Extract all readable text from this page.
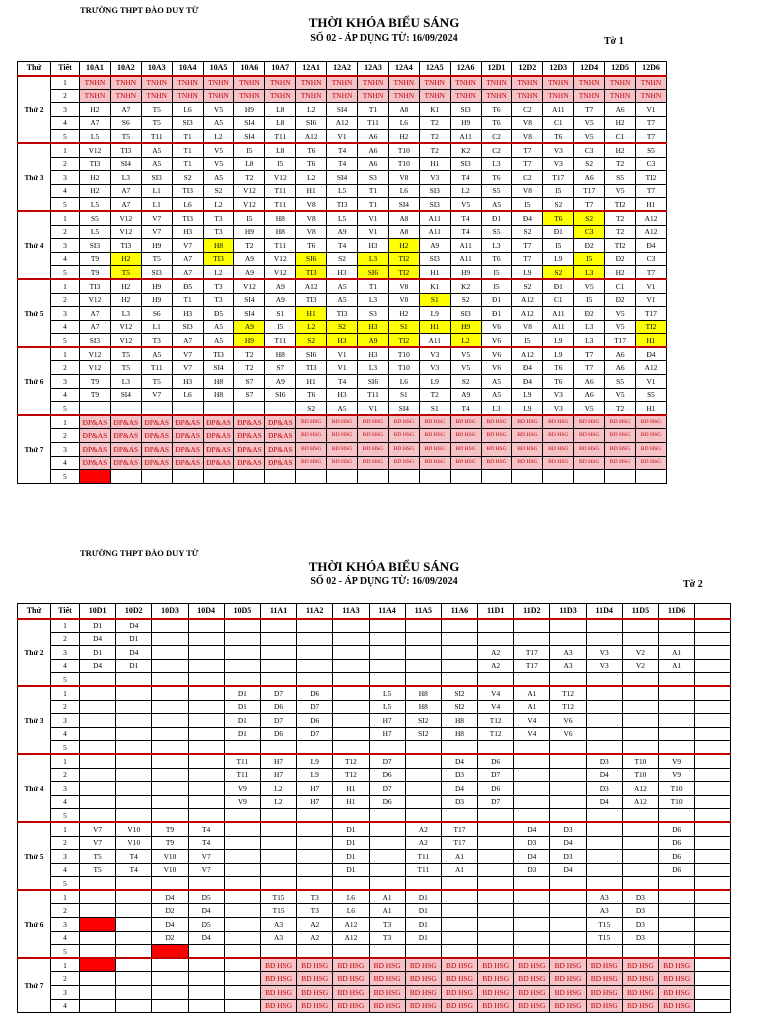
TRƯỜNG THPT ĐÀO DUY TỪ
THỜI KHÓA BIỂU SÁNG
SỐ 02 - ÁP DỤNG TỪ: 16/09/2024	Tờ 1
Thứ	Tiết	10A1	10A2	10A3	10A4	10A5	10A6	10A7	12A1	12A2	12A3	12A4	12A5	12A6	12D1	12D2	12D3	12D4	12D5	12D6
Thứ 2	1	TNHN	TNHN	TNHN	TNHN	TNHN	TNHN	TNHN	TNHN	TNHN	TNHN	TNHN	TNHN	TNHN	TNHN	TNHN	TNHN	TNHN	TNHN	TNHN
	2	TNHN	TNHN	TNHN	TNHN	TNHN	TNHN	TNHN	TNHN	TNHN	TNHN	TNHN	TNHN	TNHN	TNHN	TNHN	TNHN	TNHN	TNHN	TNHN
	3	H2	A7	T5	L6	V5	H9	L8	L2	SI4	T1	A8	K1	SI3	T6	C2	A11	T7	A6	V1
	4	A7	S6	T5	SI3	A5	SI4	L8	SI6	A12	T11	L6	T2	H9	T6	V8	C1	V5	H2	T7
	5	L5	T5	T11	T1	L2	SI4	T11	A12	V1	A6	H2	T2	A11	C2	V8	T6	V5	C1	T7
Thứ 3	1	V12	TI3	A5	T1	V5	I5	L8	T6	T4	A6	T10	T2	K2	C2	T7	V3	C3	H2	S5
	2	TI3	SI4	A5	T1	V5	L8	I5	T6	T4	A6	T10	H1	SI3	L3	T7	V3	S2	T2	C3
	3	H2	L3	SI3	S2	A5	T2	V12	L2	SI4	S3	V8	V3	T4	T6	C2	T17	A6	S5	TI2
	4	H2	A7	L1	TI3	S2	V12	T11	H1	L5	T1	L6	SI3	L2	S5	V8	I5	T17	V5	T7
	5	L5	A7	L1	L6	L2	V12	T11	V8	TI3	T1	SI4	SI3	V5	A5	I5	S2	T7	TI2	H1
Thứ 4	1	S5	V12	V7	TI3	T3	I5	H8	V8	L5	V1	A8	A11	T4	Đ1	Đ4	T6	S2	T2	A12
	2	L5	V12	V7	H3	T3	H9	H8	V8	A9	V1	A8	A11	T4	S5	S2	Đ1	C3	T2	A12
	3	SI3	TI3	H9	V7	H8	T2	T11	T6	T4	H3	H2	A9	A11	L3	T7	I5	Đ2	TI2	Đ4
	4	T9	H2	T5	A7	TI3	A9	V12	SI6	S2	L3	TI2	SI3	A11	T6	T7	L9	I5	Đ2	C3
	5	T9	T5	SI3	A7	L2	A9	V12	TI3	H3	SI6	TI2	H1	H9	I5	L9	S2	L3	H2	T7
Thứ 5	1	TI3	H2	H9	Đ5	T3	V12	A9	A12	A5	T1	V8	K1	K2	I5	S2	Đ1	V5	C1	V1
	2	V12	H2	H9	T1	T3	SI4	A9	TI3	A5	L3	V8	S1	S2	Đ1	A12	C1	I5	Đ2	V1
	3	A7	L3	S6	H3	Đ5	SI4	S1	H1	TI3	S3	H2	L9	SI3	Đ1	A12	A11	Đ2	V5	T17
	4	A7	V12	L1	SI3	A5	A9	I5	L2	S2	H3	S1	H1	H9	V6	V8	A11	L3	V5	TI2
	5	SI3	V12	T3	A7	A5	H9	T11	S2	H3	A9	TI2	A11	L2	V6	I5	L9	L3	T17	H1
Thứ 6	1	V12	T5	A5	V7	TI3	T2	H8	SI6	V1	H3	T10	V3	V5	V6	A12	L9	T7	A6	Đ4
	2	V12	T5	T11	V7	SI4	T2	S7	TI3	V1	L3	T10	V3	V5	V6	Đ4	T6	T7	A6	A12
	3	T9	L3	T5	H3	H8	S7	A9	H1	T4	SI6	L6	L9	S2	A5	Đ4	T6	A6	S5	V1
	4	T9	SI4	V7	L6	H8	S7	SI6	T6	H3	T11	S1	T2	A9	A5	L9	V3	A6	V5	S5
	5								S2	A5	V1	SI4	S1	T4	L3	L9	V3	V5	T2	H1
Thứ 7	1	ĐP&AS	ĐP&AS	ĐP&AS	ĐP&AS	ĐP&AS	ĐP&AS	ĐP&AS	BD HSG	BD HSG	BD HSG	BD HSG	BD HSG	BD HSG	BD HSG	BD HSG	BD HSG	BD HSG	BD HSG	BD HSG
	2	ĐP&AS	ĐP&AS	ĐP&AS	ĐP&AS	ĐP&AS	ĐP&AS	ĐP&AS	BD HSG	BD HSG	BD HSG	BD HSG	BD HSG	BD HSG	BD HSG	BD HSG	BD HSG	BD HSG	BD HSG	BD HSG
	3	ĐP&AS	ĐP&AS	ĐP&AS	ĐP&AS	ĐP&AS	ĐP&AS	ĐP&AS	BD HSG	BD HSG	BD HSG	BD HSG	BD HSG	BD HSG	BD HSG	BD HSG	BD HSG	BD HSG	BD HSG	BD HSG
	4	ĐP&AS	ĐP&AS	ĐP&AS	ĐP&AS	ĐP&AS	ĐP&AS	ĐP&AS	BD HSG	BD HSG	BD HSG	BD HSG	BD HSG	BD HSG	BD HSG	BD HSG	BD HSG	BD HSG	BD HSG	BD HSG
	5																			
TRƯỜNG THPT ĐÀO DUY TỪ
THỜI KHÓA BIỂU SÁNG
SỐ 02 - ÁP DỤNG TỪ: 16/09/2024	Tờ 2
Thứ	Tiết	10D1	10D2	10D3	10D4	10D5	11A1	11A2	11A3	11A4	11A5	11A6	11D1	11D2	11D3	11D4	11D5	11D6	
Thứ 2	1	D1	D4																
	2	D4	D1																
	3	D1	D4										A2	T17	A3	V3	V2	A1	
	4	D4	D1										A2	T17	A3	V3	V2	A1	
	5																		
Thứ 3	1					D1	D7	D6		L5	H8	SI2	V4	A1	T12				
	2					D1	D6	D7		L5	H8	SI2	V4	A1	T12				
	3					D1	D7	D6		H7	SI2	H8	T12	V4	V6				
	4					D1	D6	D7		H7	SI2	H8	T12	V4	V6				
	5																		
Thứ 4	1					T11	H7	L9	T12	D7		D4	D6			D3	T10	V9	
	2					T11	H7	L9	T12	D6		D3	D7			D4	T10	V9	
	3					V9	L2	H7	H1	D7		D4	D6			D3	A12	T10	
	4					V9	L2	H7	H1	D6		D3	D7			D4	A12	T10	
	5																		
Thứ 5	1	V7	V10	T9	T4				D1		A2	T17		D4	D3			D6	
	2	V7	V10	T9	T4				D1		A2	T17		D3	D4			D6	
	3	T5	T4	V10	V7				D1		T11	A1		D4	D3			D6	
	4	T5	T4	V10	V7				D1		T11	A1		D3	D4			D6	
	5																		
Thứ 6	1			D4	D5		T15	T3	L6	A1	D1					A3	D3		
	2			D2	D4		T15	T3	L6	A1	D1					A3	D3		
	3			D4	D5		A3	A2	A12	T3	D1					T15	D3		
	4			D2	D4		A3	A2	A12	T3	D1					T15	D3		
	5																		
Thứ 7	1						BD HSG	BD HSG	BD HSG	BD HSG	BD HSG	BD HSG	BD HSG	BD HSG	BD HSG	BD HSG	BD HSG	BD HSG	
	2						BD HSG	BD HSG	BD HSG	BD HSG	BD HSG	BD HSG	BD HSG	BD HSG	BD HSG	BD HSG	BD HSG	BD HSG	
	3						BD HSG	BD HSG	BD HSG	BD HSG	BD HSG	BD HSG	BD HSG	BD HSG	BD HSG	BD HSG	BD HSG	BD HSG	
	4						BD HSG	BD HSG	BD HSG	BD HSG	BD HSG	BD HSG	BD HSG	BD HSG	BD HSG	BD HSG	BD HSG	BD HSG	
